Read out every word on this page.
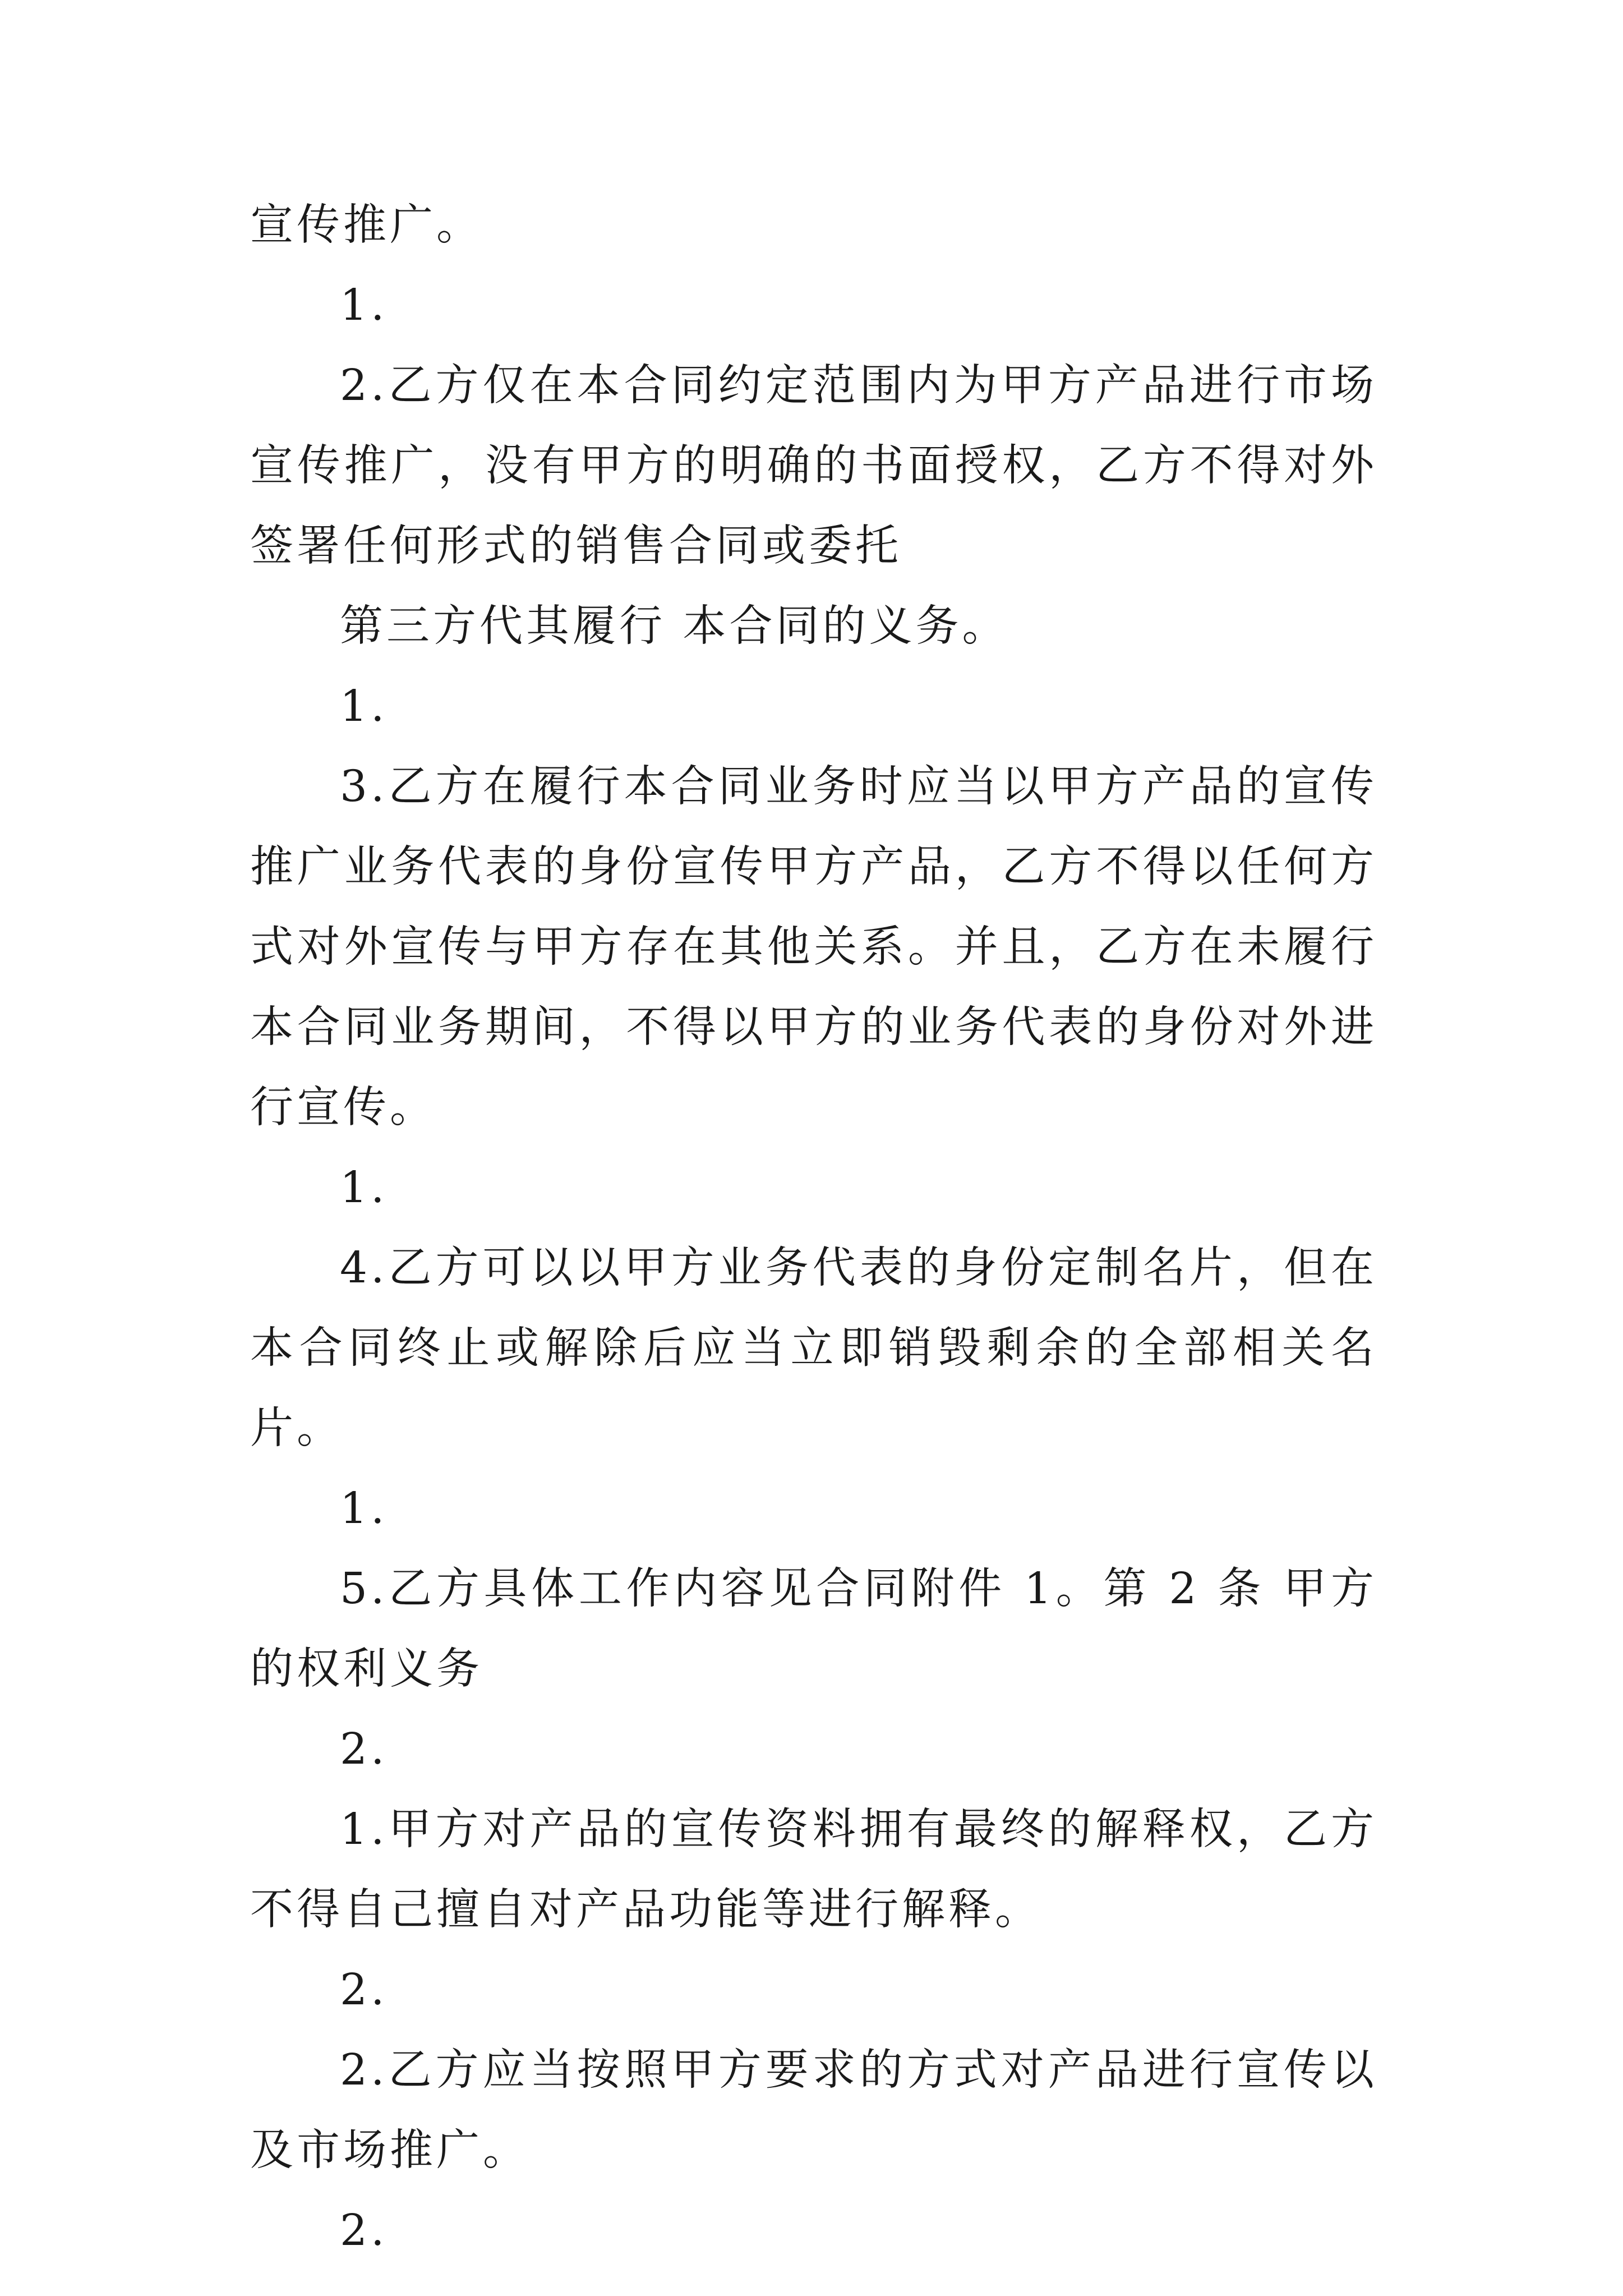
宣传推广。

1.

2.乙方仅在本合同约定范围内为甲方产品进行市场宣传推广，没有甲方的明确的书面授权，乙方不得对外签署任何形式的销售合同或委托

第三方代其履行 本合同的义务。

1.

3.乙方在履行本合同业务时应当以甲方产品的宣传推广业务代表的身份宣传甲方产品，乙方不得以任何方式对外宣传与甲方存在其他关系。并且，乙方在未履行本合同业务期间，不得以甲方的业务代表的身份对外进行宣传。

1.

4.乙方可以以甲方业务代表的身份定制名片，但在本合同终止或解除后应当立即销毁剩余的全部相关名片。

1.

5.乙方具体工作内容见合同附件 1。第 2 条 甲方的权利义务

2.

1.甲方对产品的宣传资料拥有最终的解释权，乙方不得自己擅自对产品功能等进行解释。

2.

2.乙方应当按照甲方要求的方式对产品进行宣传以及市场推广。

2.
